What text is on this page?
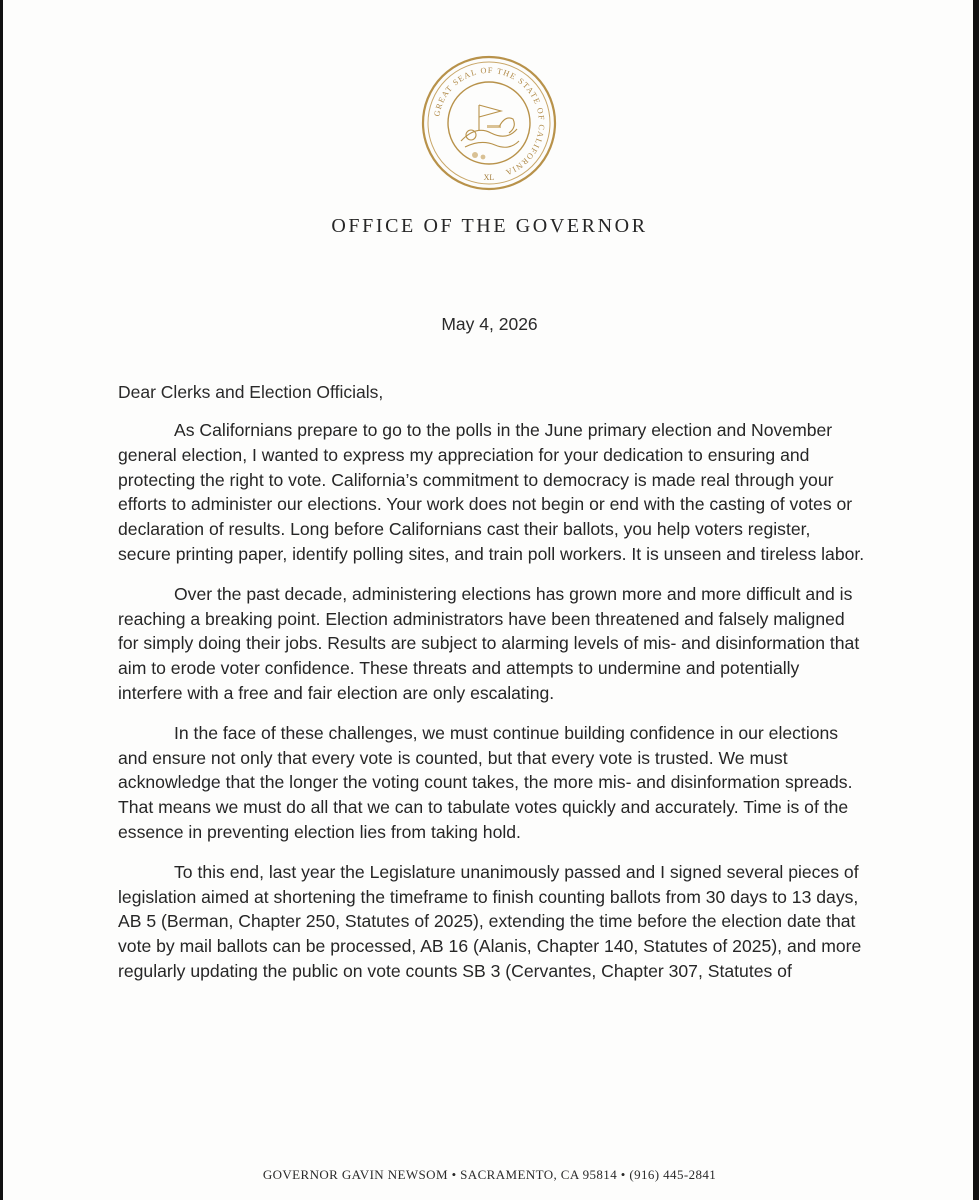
GREAT SEAL OF THE STATE OF CALIFORNIA
XL
OFFICE OF THE GOVERNOR
May 4, 2026
Dear Clerks and Election Officials,

As Californians prepare to go to the polls in the June primary election and November general election, I wanted to express my appreciation for your dedication to ensuring and protecting the right to vote. California’s commitment to democracy is made real through your efforts to administer our elections. Your work does not begin or end with the casting of votes or declaration of results. Long before Californians cast their ballots, you help voters register, secure printing paper, identify polling sites, and train poll workers. It is unseen and tireless labor.

Over the past decade, administering elections has grown more and more difficult and is reaching a breaking point. Election administrators have been threatened and falsely maligned for simply doing their jobs. Results are subject to alarming levels of mis- and disinformation that aim to erode voter confidence. These threats and attempts to undermine and potentially interfere with a free and fair election are only escalating.

In the face of these challenges, we must continue building confidence in our elections and ensure not only that every vote is counted, but that every vote is trusted. We must acknowledge that the longer the voting count takes, the more mis- and disinformation spreads. That means we must do all that we can to tabulate votes quickly and accurately. Time is of the essence in preventing election lies from taking hold.

To this end, last year the Legislature unanimously passed and I signed several pieces of legislation aimed at shortening the timeframe to finish counting ballots from 30 days to 13 days, AB 5 (Berman, Chapter 250, Statutes of 2025), extending the time before the election date that vote by mail ballots can be processed, AB 16 (Alanis, Chapter 140, Statutes of 2025), and more regularly updating the public on vote counts SB 3 (Cervantes, Chapter 307, Statutes of

GOVERNOR GAVIN NEWSOM • SACRAMENTO, CA 95814 • (916) 445-2841
